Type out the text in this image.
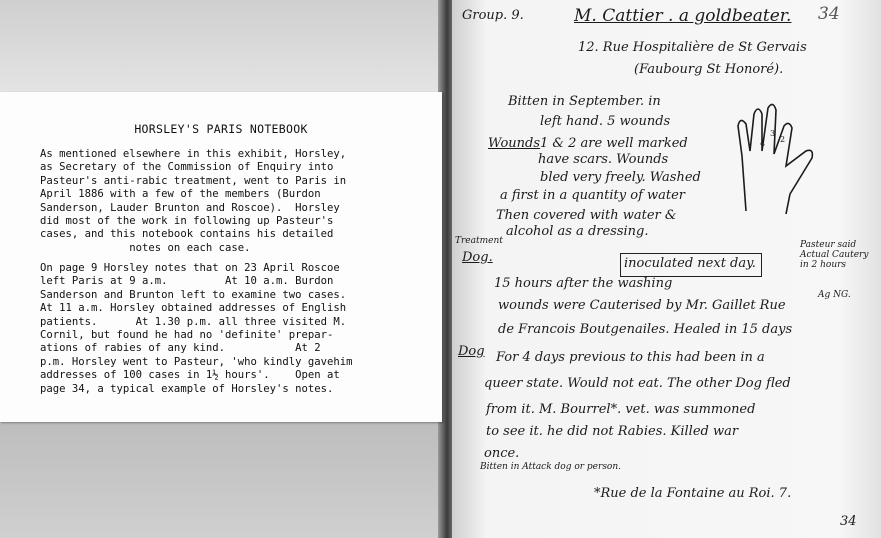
HORSLEY'S PARIS NOTEBOOK
As mentioned elsewhere in this exhibit, Horsley,
as Secretary of the Commission of Enquiry into
Pasteur's anti-rabic treatment, went to Paris in
April 1886 with a few of the members (Burdon
Sanderson, Lauder Brunton and Roscoe).  Horsley
did most of the work in following up Pasteur's
cases, and this notebook contains his detailed
notes on each case.
On page 9 Horsley notes that on 23 April Roscoe
left Paris at 9 a.m.         At 10 a.m. Burdon
Sanderson and Brunton left to examine two cases.
At 11 a.m. Horsley obtained addresses of English
patients.      At 1.30 p.m. all three visited M.
Cornil, but found he had no 'definite' prepar-
ations of rabies of any kind.           At 2
p.m. Horsley went to Pasteur, 'who kindly gavehim
addresses of 100 cases in 1½ hours'.    Open at
page 34, a typical example of Horsley's notes.
Group. 9.	M. Cattier . a goldbeater. 34
12. Rue Hospitalière de St Gervais
(Faubourg St Honoré).
Bitten in September. in
left hand. 5 wounds
4
3
2
Wounds 1 & 2 are well marked
have scars. Wounds
bled very freely. Washed
a first in a quantity of water
Then covered with water &
alcohol as a dressing.
Treatment
Dog.	inoculated next day.
Pasteur said Actual Cautery in 2 hours
15 hours after the washing
Ag NG.
wounds were Cauterised by Mr. Gaillet Rue
de Francois Boutgenailes. Healed in 15 days
Dog For 4 days previous to this had been in a
queer state. Would not eat. The other Dog fled
from it. M. Bourrel*. vet. was summoned
to see it. he did not Rabies. Killed war
once.
Bitten in Attack dog or person.
*Rue de la Fontaine au Roi. 7.
34
